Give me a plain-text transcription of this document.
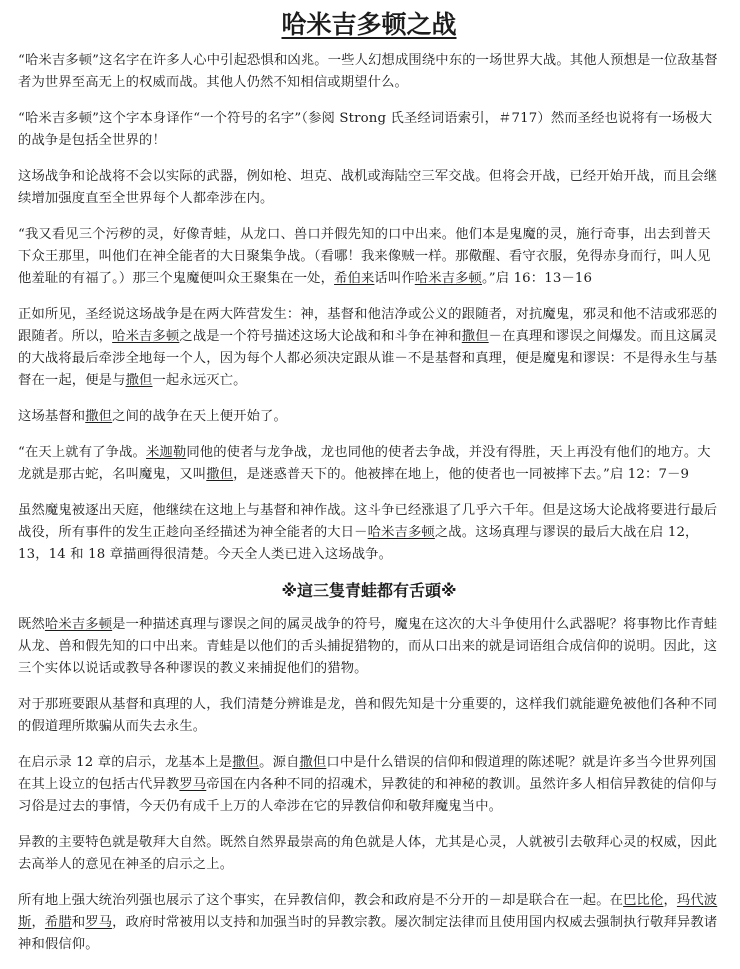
哈米吉多顿之战
“哈米吉多顿”这名字在许多人心中引起恐惧和凶兆。一些人幻想成围绕中东的一场世界大战。其他人预想是一位敌基督者为世界至高无上的权威而战。其他人仍然不知相信或期望什么。
“哈米吉多顿”这个字本身译作“一个符号的名字”（参阅 Strong 氏圣经词语索引，＃717）然而圣经也说将有一场极大的战争是包括全世界的！
这场战争和论战将不会以实际的武器，例如枪、坦克、战机或海陆空三军交战。但将会开战，已经开始开战，而且会继续增加强度直至全世界每个人都牵涉在内。
“我又看见三个污秽的灵，好像青蛙，从龙口、兽口并假先知的口中出来。他们本是鬼魔的灵，施行奇事，出去到普天下众王那里，叫他们在神全能者的大日聚集争战。（看哪！我来像贼一样。那儆醒、看守衣服，免得赤身而行，叫人见他羞耻的有福了。）那三个鬼魔便叫众王聚集在一处，希伯来话叫作哈米吉多顿。”启 16：13－16
正如所见，圣经说这场战争是在两大阵营发生：神，基督和他洁净或公义的跟随者，对抗魔鬼，邪灵和他不洁或邪恶的跟随者。所以，哈米吉多顿之战是一个符号描述这场大论战和和斗争在神和撒但－在真理和谬误之间爆发。而且这属灵的大战将最后牵涉全地每一个人，因为每个人都必须决定跟从谁－不是基督和真理，便是魔鬼和谬误：不是得永生与基督在一起，便是与撒但一起永远灭亡。
这场基督和撒但之间的战争在天上便开始了。
“在天上就有了争战。米迦勒同他的使者与龙争战，龙也同他的使者去争战，并没有得胜，天上再没有他们的地方。大龙就是那古蛇，名叫魔鬼，又叫撒但，是迷惑普天下的。他被摔在地上，他的使者也一同被摔下去。”启 12：7－9
虽然魔鬼被逐出天庭，他继续在这地上与基督和神作战。这斗争已经涨退了几乎六千年。但是这场大论战将要进行最后战役，所有事件的发生正趁向圣经描述为神全能者的大日－哈米吉多顿之战。这场真理与谬误的最后大战在启 12，13，14 和 18 章描画得很清楚。今天全人类已进入这场战争。
※這三隻青蛙都有舌頭※
既然哈米吉多顿是一种描述真理与谬误之间的属灵战争的符号，魔鬼在这次的大斗争使用什么武器呢？将事物比作青蛙从龙、兽和假先知的口中出来。青蛙是以他们的舌头捕捉猎物的，而从口出来的就是词语组合成信仰的说明。因此，这三个实体以说话或教导各种谬误的教义来捕捉他们的猎物。
对于那班要跟从基督和真理的人，我们清楚分辨谁是龙，兽和假先知是十分重要的，这样我们就能避免被他们各种不同的假道理所欺骗从而失去永生。
在启示录 12 章的启示，龙基本上是撒但。源自撒但口中是什么错误的信仰和假道理的陈述呢？就是许多当今世界列国在其上设立的包括古代异教罗马帝国在内各种不同的招魂术，异教徒的和神秘的教训。虽然许多人相信异教徒的信仰与习俗是过去的事情，今天仍有成千上万的人牵涉在它的异教信仰和敬拜魔鬼当中。
异教的主要特色就是敬拜大自然。既然自然界最崇高的角色就是人体，尤其是心灵，人就被引去敬拜心灵的权威，因此去高举人的意见在神圣的启示之上。
所有地上强大统治列强也展示了这个事实，在异教信仰，教会和政府是不分开的－却是联合在一起。在巴比伦，玛代波斯，希腊和罗马，政府时常被用以支持和加强当时的异教宗教。屡次制定法律而且使用国内权威去强制执行敬拜异教诸神和假信仰。
